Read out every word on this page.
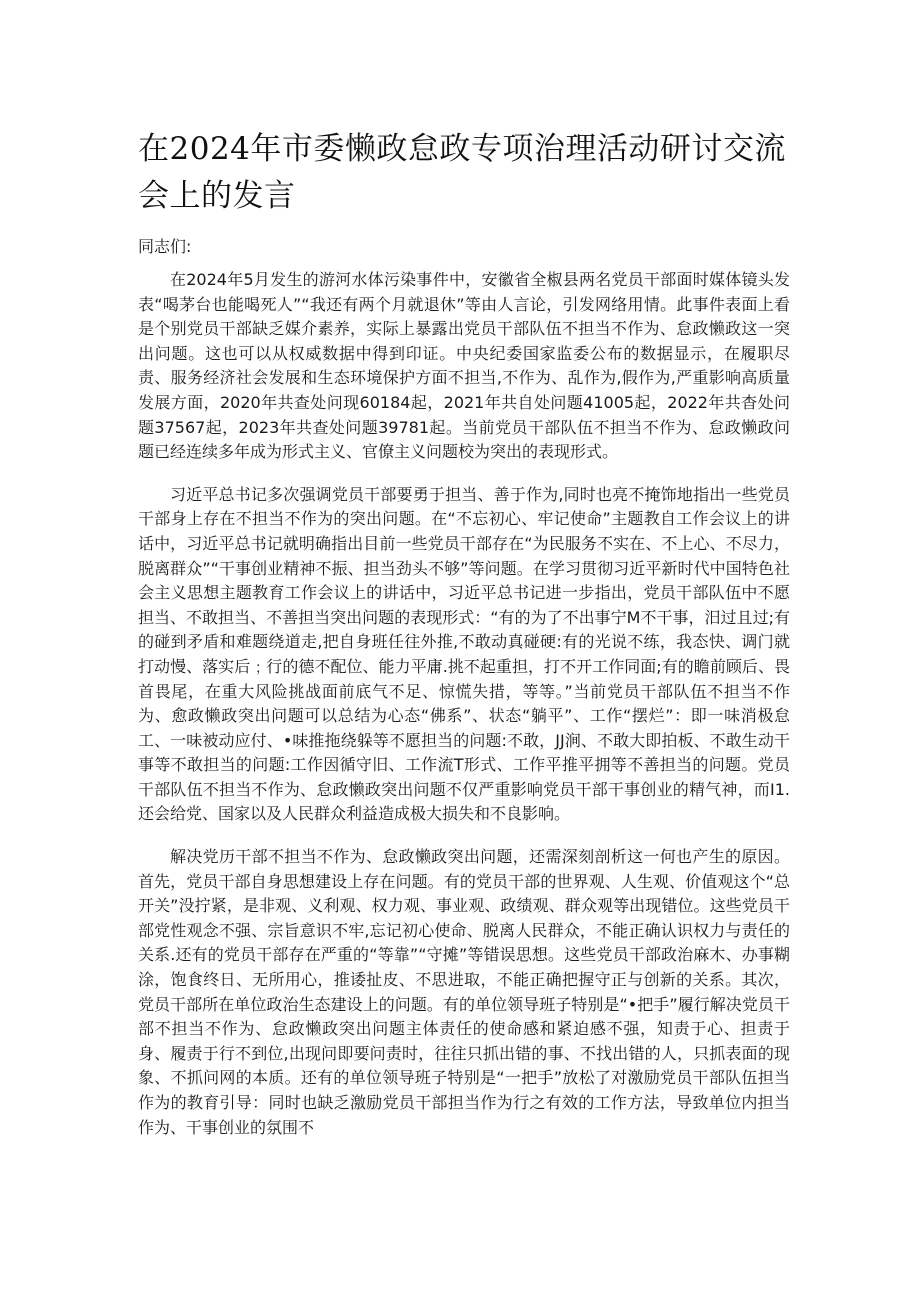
在2024年市委懒政怠政专项治理活动研讨交流会上的发言

同志们:

在2024年5月发生的游河水体污染事件中，安徽省全椒县两名党员干部面时媒体镜头发表“喝茅台也能喝死人”“我还有两个月就退休”等由人言论，引发网络用情。此事件表面上看是个别党员干部缺乏媒介素养，实际上暴露出党员干部队伍不担当不作为、怠政懒政这一突出问题。这也可以从权威数据中得到印证。中央纪委国家监委公布的数据显示，在履职尽责、服务经济社会发展和生态环境保护方面不担当,不作为、乱作为,假作为,严重影响高质量发展方面，2020年共查处问现60184起，2021年共自处问题41005起，2022年共杳处问题37567起，2023年共查处问题39781起。当前党员干部队伍不担当不作为、怠政懒政问题已经连续多年成为形式主义、官僚主义问题校为突出的表现形式。

习近平总书记多次强调党员干部要勇于担当、善于作为,同时也亮不掩饰地指出一些党员干部身上存在不担当不作为的突出问题。在“不忘初心、牢记使命”主题教自工作会议上的讲话中，习近平总书记就明确指出目前一些党员干部存在“为民服务不实在、不上心、不尽力，脱离群众”“干事创业精神不振、担当劲头不够”等问题。在学习贯彻习近平新时代中国特色社会主义思想主题教育工作会议上的讲话中，习近平总书记进一步指出，党员干部队伍中不愿担当、不敢担当、不善担当突出问题的表现形式：“有的为了不出事宁M不干事，汨过且过;有的碰到矛盾和难题绕道走,把自身班任往外推,不敢动真碰硬:有的光说不练，我态快、调门就打动慢、落实后﹔行的德不配位、能力平庸.挑不起重担，打不开工作同面;有的瞻前顾后、畏首畏尾，在重大风险挑战面前底气不足、惊慌失措，等等。”当前党员干部队伍不担当不作为、愈政懒政突出问题可以总结为心态“佛系”、状态“躺平”、工作“摆烂”：即一味消极怠工、一味被动应付、•味推拖绕躲等不愿担当的问题:不敢，JJ涧、不敢大即拍板、不敢生动干事等不敢担当的问题:工作因循守旧、工作流T形式、工作平推平拥等不善担当的问题。党员干部队伍不担当不作为、怠政懒政突出问题不仅严重影响党员干部干事创业的精气神，而I1.还会给党、国家以及人民群众利益造成极大损失和不良影响。

解决党历干部不担当不作为、怠政懒政突出问题，还需深刻剖析这一何也产生的原因。首先，党员干部自身思想建设上存在问题。有的党员干部的世界观、人生观、价值观这个“总开关”没拧紧，是非观、义利观、权力观、事业观、政绩观、群众观等出现错位。这些党员干部党性观念不强、宗旨意识不牢,忘记初心使命、脱离人民群众，不能正确认识权力与责任的关系.还有的党员干部存在严重的“等靠”“守摊”等错误思想。这些党员干部政治麻木、办事糊涂，饱食终日、无所用心，推诿扯皮、不思进取，不能正确把握守正与创新的关系。其次，党员干部所在单位政治生态建设上的问题。有的单位领导班子特别是“•把手”履行解决党员干部不担当不作为、怠政懒政突出问题主体责任的使命感和紧迫感不强，知责于心、担责于身、履责于行不到位,出现问即要问责时，往往只抓出错的事、不找出错的人，只抓表面的现象、不抓问网的本质。还有的单位领导班子特别是“一把手”放松了对激励党员干部队伍担当作为的教育引导：同时也缺乏激励党员干部担当作为行之有效的工作方法，导致单位内担当作为、干事创业的氛围不
